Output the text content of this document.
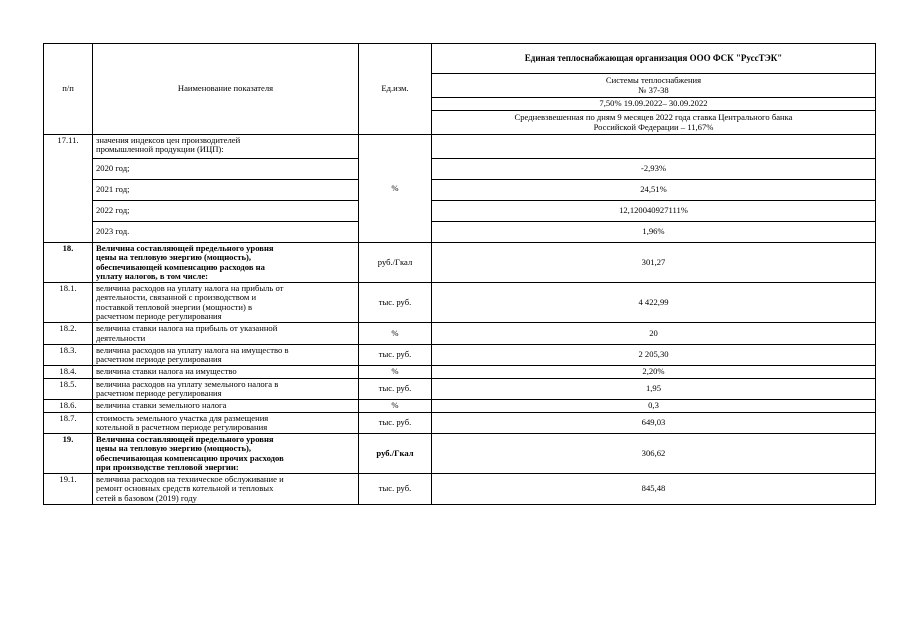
п/п	Наименование показателя	Ед.изм.	Единая теплоснабжающая организация ООО ФСК "РуссТЭК"

			Системы теплоснабжения
№ 37-38

			7,50% 19.09.2022– 30.09.2022

			Средневзвешенная по дням 9 месяцев 2022 года ставка Центрального банка
Российской Федерации – 11,67%

17.11.	значения индексов цен производителей
промышленной продукции (ИЦП):	%	
	2020 год;		-2,93%
	2021 год;		24,51%
	2022 год;		12,120040927111%
	2023 год.		1,96%
18.	Величина составляющей предельного уровня
цены на тепловую энергию (мощность),
обеспечивающей компенсацию расходов на
уплату налогов, в том числе:	руб./Гкал	301,27
18.1.	величина расходов на уплату налога на прибыль от
деятельности, связанной с производством и
поставкой тепловой энергии (мощности) в
расчетном периоде регулирования	тыс. руб.	4 422,99
18.2.	величина ставки налога на прибыль от указанной
деятельности	%	20
18.3.	величина расходов на уплату налога на имущество в
расчетном периоде регулирования	тыс. руб.	2 205,30
18.4.	величина ставки налога на имущество	%	2,20%
18.5.	величина расходов на уплату земельного налога в
расчетном периоде регулирования	тыс. руб.	1,95
18.6.	величина ставки земельного налога	%	0,3
18.7.	стоимость земельного участка для размещения
котельной в расчетном периоде регулирования	тыс. руб.	649,03
19.	Величина составляющей предельного уровня
цены на тепловую энергию (мощность),
обеспечивающая компенсацию прочих расходов
при производстве тепловой энергии:	руб./Гкал	306,62
19.1.	величина расходов на техническое обслуживание и
ремонт основных средств котельной и тепловых
сетей в базовом (2019) году	тыс. руб.	845,48
